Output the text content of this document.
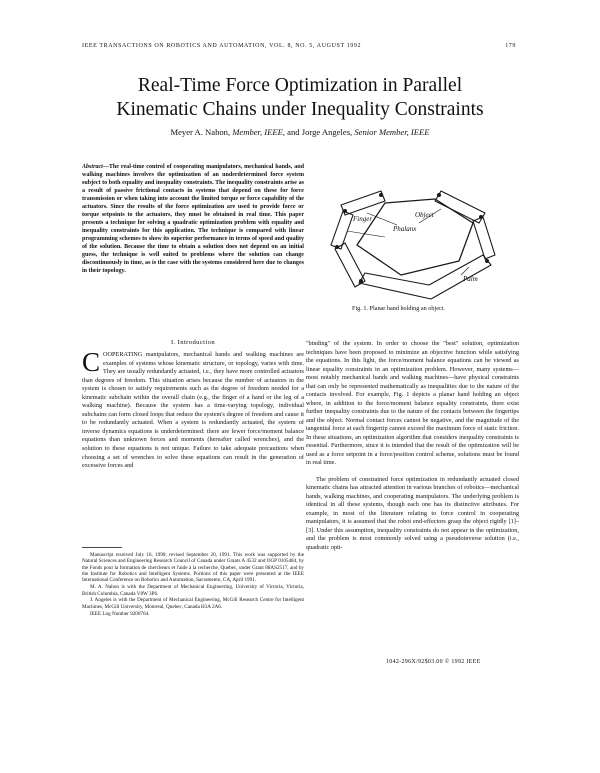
IEEE TRANSACTIONS ON ROBOTICS AND AUTOMATION, VOL. 8, NO. 5, AUGUST 1992	179
Real-Time Force Optimization in Parallel
Kinematic Chains under Inequality Constraints
Meyer A. Nahon, Member, IEEE, and Jorge Angeles, Senior Member, IEEE
Abstract—The real-time control of cooperating manipulators, mechanical hands, and walking machines involves the optimization of an underdetermined force system subject to both equality and inequality constraints. The inequality constraints arise as a result of passive frictional contacts in systems that depend on these for force transmission or when taking into account the limited torque or force capability of the actuators. Since the results of the force optimization are used to provide force or torque setpoints to the actuators, they must be obtained in real time. This paper presents a technique for solving a quadratic optimization problem with equality and inequality constraints for this application. The technique is compared with linear programming schemes to show its superior performance in terms of speed and quality of the solution. Because the time to obtain a solution does not depend on an initial guess, the technique is well suited to problems where the solution can change discontinuously in time, as is the case with the systems considered here due to changes in their topology.
Finger
Phalanx
Object
Palm
Fig. 1. Planar hand holding an object.
I. Introduction
COOPERATING manipulators, mechanical hands and walking machines are examples of systems whose kinematic structure, or topology, varies with time. They are usually redundantly actuated, i.e., they have more controlled actuators than degrees of freedom. This situation arises because the number of actuators in the system is chosen to satisfy requirements such as the degree of freedom needed for a kinematic subchain within the overall chain (e.g., the finger of a hand or the leg of a walking machine). Because the system has a time-varying topology, individual subchains can form closed loops that reduce the system's degree of freedom and cause it to be redundantly actuated. When a system is redundantly actuated, the system of inverse dynamics equations is underdetermined: there are fewer force/moment balance equations than unknown forces and moments (hereafter called wrenches), and the solution to these equations is not unique. Failure to take adequate precautions when choosing a set of wrenches to solve these equations can result in the generation of excessive forces and

"binding" of the system. In order to choose the "best" solution, optimization techniques have been proposed to minimize an objective function while satisfying the equations. In this light, the force/moment balance equations can be viewed as linear equality constraints in an optimization problem. However, many systems—most notably mechanical hands and walking machines—have physical constraints that can only be represented mathematically as inequalities due to the nature of the contacts involved. For example, Fig. 1 depicts a planar hand holding an object where, in addition to the force/moment balance equality constraints, there exist further inequality constraints due to the nature of the contacts between the fingertips and the object. Normal contact forces cannot be negative, and the magnitude of the tangential force at each fingertip cannot exceed the maximum force of static friction. In these situations, an optimization algorithm that considers inequality constraints is essential. Furthermore, since it is intended that the result of the optimization will be used as a force setpoint in a force/position control scheme, solutions must be found in real time.

The problem of constrained force optimization in redundantly actuated closed kinematic chains has attracted attention in various branches of robotics—mechanical hands, walking machines, and cooperating manipulators. The underlying problem is identical in all these systems, though each one has its distinctive attributes. For example, in most of the literature relating to force control in cooperating manipulators, it is assumed that the robot end-effectors grasp the object rigidly [1]–[3]. Under this assumption, inequality constraints do not appear in the optimization, and the problem is most commonly solved using a pseudoinverse solution (i.e., quadratic opti-

Manuscript received July 16, 1990; revised September 20, 1991. This work was supported by the Natural Sciences and Engineering Research Council of Canada under Grants A 4532 and OGP 0105484, by the Fonds pour la formation de chercheurs et l'aide à la recherche, Quebec, under Grant 88AS2517, and by the Institute for Robotics and Intelligent Systems. Portions of this paper were presented at the IEEE International Conference on Robotics and Automation, Sacramento, CA, April 1991.

M. A. Nahon is with the Department of Mechanical Engineering, University of Victoria, Victoria, British Columbia, Canada V8W 3P6.

J. Angeles is with the Department of Mechanical Engineering, McGill Research Centre for Intelligent Machines, McGill University, Montreal, Quebec, Canada H3A 2A6.

IEEE Log Number 9200764.

1042-296X/92$03.00 © 1992 IEEE
